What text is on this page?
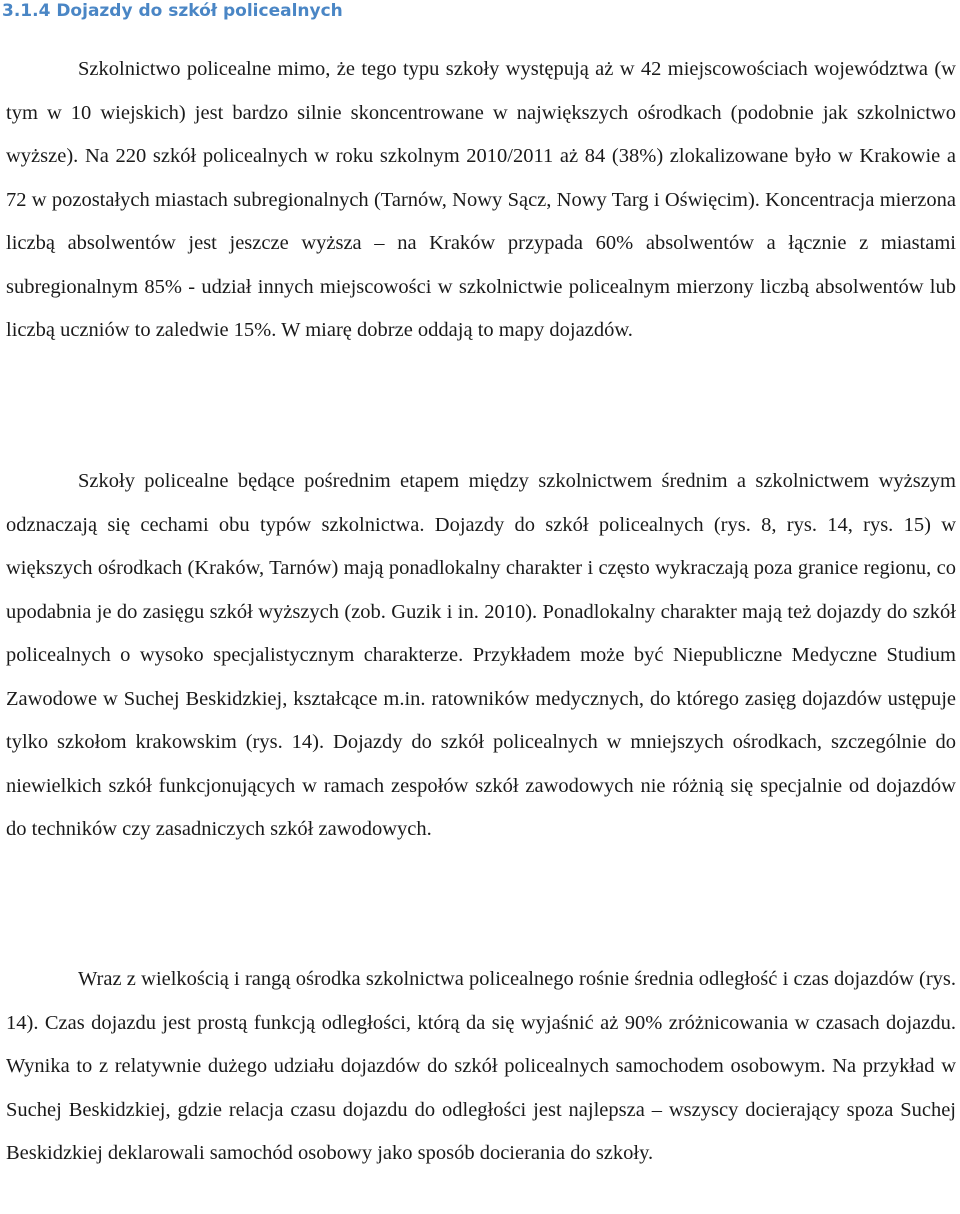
3.1.4 Dojazdy do szkół policealnych

Szkolnictwo policealne mimo, że tego typu szkoły występują aż w 42 miejscowościach województwa (w tym w 10 wiejskich) jest bardzo silnie skoncentrowane w największych ośrodkach (podobnie jak szkolnictwo wyższe). Na 220 szkół policealnych w roku szkolnym 2010/2011 aż 84 (38%) zlokalizowane było w Krakowie a 72 w pozostałych miastach subregionalnych (Tarnów, Nowy Sącz, Nowy Targ i Oświęcim). Koncentracja mierzona liczbą absolwentów jest jeszcze wyższa – na Kraków przypada 60% absolwentów a łącznie z miastami subregionalnym 85% - udział innych miejscowości w szkolnictwie policealnym mierzony liczbą absolwentów lub liczbą uczniów to zaledwie 15%. W miarę dobrze oddają to mapy dojazdów.

Szkoły policealne będące pośrednim etapem między szkolnictwem średnim a szkolnictwem wyższym odznaczają się cechami obu typów szkolnictwa. Dojazdy do szkół policealnych (rys. 8, rys. 14, rys. 15) w większych ośrodkach (Kraków, Tarnów) mają ponadlokalny charakter i często wykraczają poza granice regionu, co upodabnia je do zasięgu szkół wyższych (zob. Guzik i in. 2010). Ponadlokalny charakter mają też dojazdy do szkół policealnych o wysoko specjalistycznym charakterze. Przykładem może być Niepubliczne Medyczne Studium Zawodowe w Suchej Beskidzkiej, kształcące m.in. ratowników medycznych, do którego zasięg dojazdów ustępuje tylko szkołom krakowskim (rys. 14). Dojazdy do szkół policealnych w mniejszych ośrodkach, szczególnie do niewielkich szkół funkcjonujących w ramach zespołów szkół zawodowych nie różnią się specjalnie od dojazdów do techników czy zasadniczych szkół zawodowych.

Wraz z wielkością i rangą ośrodka szkolnictwa policealnego rośnie średnia odległość i czas dojazdów (rys. 14). Czas dojazdu jest prostą funkcją odległości, którą da się wyjaśnić aż 90% zróżnicowania w czasach dojazdu. Wynika to z relatywnie dużego udziału dojazdów do szkół policealnych samochodem osobowym. Na przykład w Suchej Beskidzkiej, gdzie relacja czasu dojazdu do odległości jest najlepsza – wszyscy docierający spoza Suchej Beskidzkiej deklarowali samochód osobowy jako sposób docierania do szkoły.
